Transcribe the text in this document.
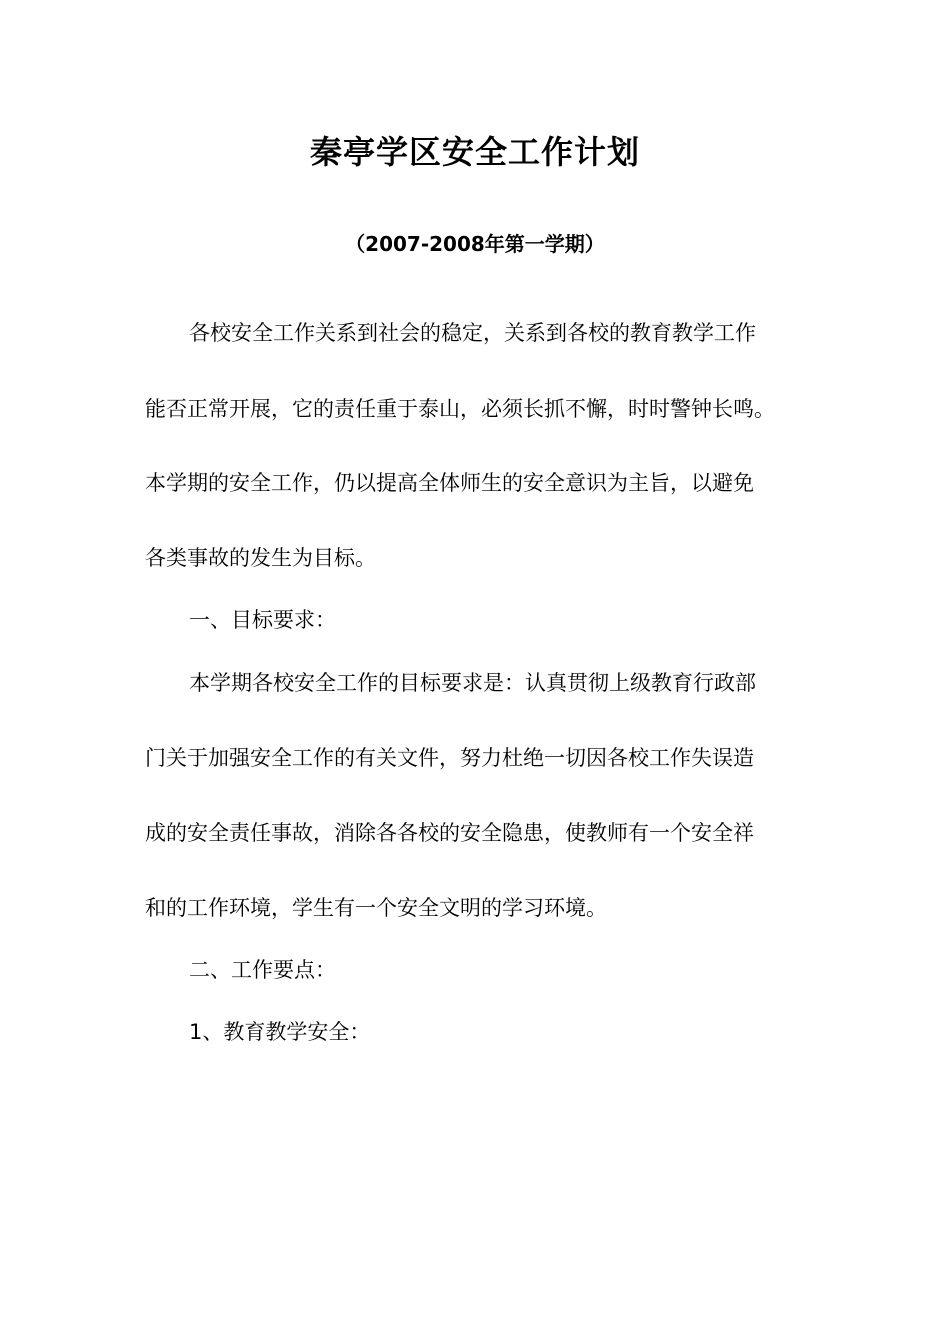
秦亭学区安全工作计划
（2007-2008年第一学期）
各校安全工作关系到社会的稳定，关系到各校的教育教学工作
能否正常开展，它的责任重于泰山，必须长抓不懈，时时警钟长鸣。
本学期的安全工作，仍以提高全体师生的安全意识为主旨，以避免
各类事故的发生为目标。
一、目标要求：
本学期各校安全工作的目标要求是：认真贯彻上级教育行政部
门关于加强安全工作的有关文件，努力杜绝一切因各校工作失误造
成的安全责任事故，消除各各校的安全隐患，使教师有一个安全祥
和的工作环境，学生有一个安全文明的学习环境。
二、工作要点：
1、教育教学安全：
